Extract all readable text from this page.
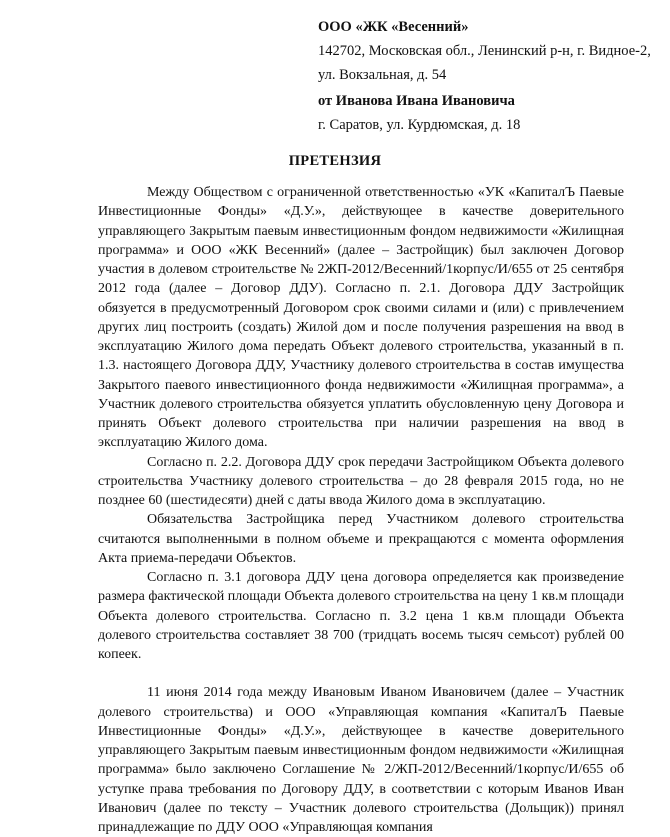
ООО «ЖК «Весенний»
142702, Московская обл., Ленинский р-н, г. Видное-2,
ул. Вокзальная, д. 54
от Иванова Ивана Ивановича
г. Саратов, ул. Курдюмская, д. 18
ПРЕТЕНЗИЯ

Между Обществом с ограниченной ответственностью «УК «КапиталЪ Паевые Инвестиционные Фонды» «Д.У.», действующее в качестве доверительного управляющего Закрытым паевым инвестиционным фондом недвижимости «Жилищная программа» и ООО «ЖК Весенний» (далее – Застройщик) был заключен Договор участия в долевом строительстве № 2ЖП-2012/Весенний/1корпус/И/655 от 25 сентября 2012 года (далее – Договор ДДУ). Согласно п. 2.1. Договора ДДУ Застройщик обязуется в предусмотренный Договором срок своими силами и (или) с привлечением других лиц построить (создать) Жилой дом и после получения разрешения на ввод в эксплуатацию Жилого дома передать Объект долевого строительства, указанный в п. 1.3. настоящего Договора ДДУ, Участнику долевого строительства в состав имущества Закрытого паевого инвестиционного фонда недвижимости «Жилищная программа», а Участник долевого строительства обязуется уплатить обусловленную цену Договора и принять Объект долевого строительства при наличии разрешения на ввод в эксплуатацию Жилого дома.

Согласно п. 2.2. Договора ДДУ срок передачи Застройщиком Объекта долевого строительства Участнику долевого строительства – до 28 февраля 2015 года, но не позднее 60 (шестидесяти) дней с даты ввода Жилого дома в эксплуатацию.

Обязательства Застройщика перед Участником долевого строительства считаются выполненными в полном объеме и прекращаются с момента оформления Акта приема-передачи Объектов.

Согласно п. 3.1 договора ДДУ цена договора определяется как произведение размера фактической площади Объекта долевого строительства на цену 1 кв.м площади Объекта долевого строительства. Согласно п. 3.2 цена 1 кв.м площади Объекта долевого строительства составляет 38 700 (тридцать восемь тысяч семьсот) рублей 00 копеек.

11 июня 2014 года между Ивановым Иваном Ивановичем (далее – Участник долевого строительства) и ООО «Управляющая компания «КапиталЪ Паевые Инвестиционные Фонды» «Д.У.», действующее в качестве доверительного управляющего Закрытым паевым инвестиционным фондом недвижимости «Жилищная программа» было заключено Соглашение № 2/ЖП-2012/Весенний/1корпус/И/655 об уступке права требования по Договору ДДУ, в соответствии с которым Иванов Иван Иванович (далее по тексту – Участник долевого строительства (Дольщик)) принял принадлежащие по ДДУ ООО «Управляющая компания
